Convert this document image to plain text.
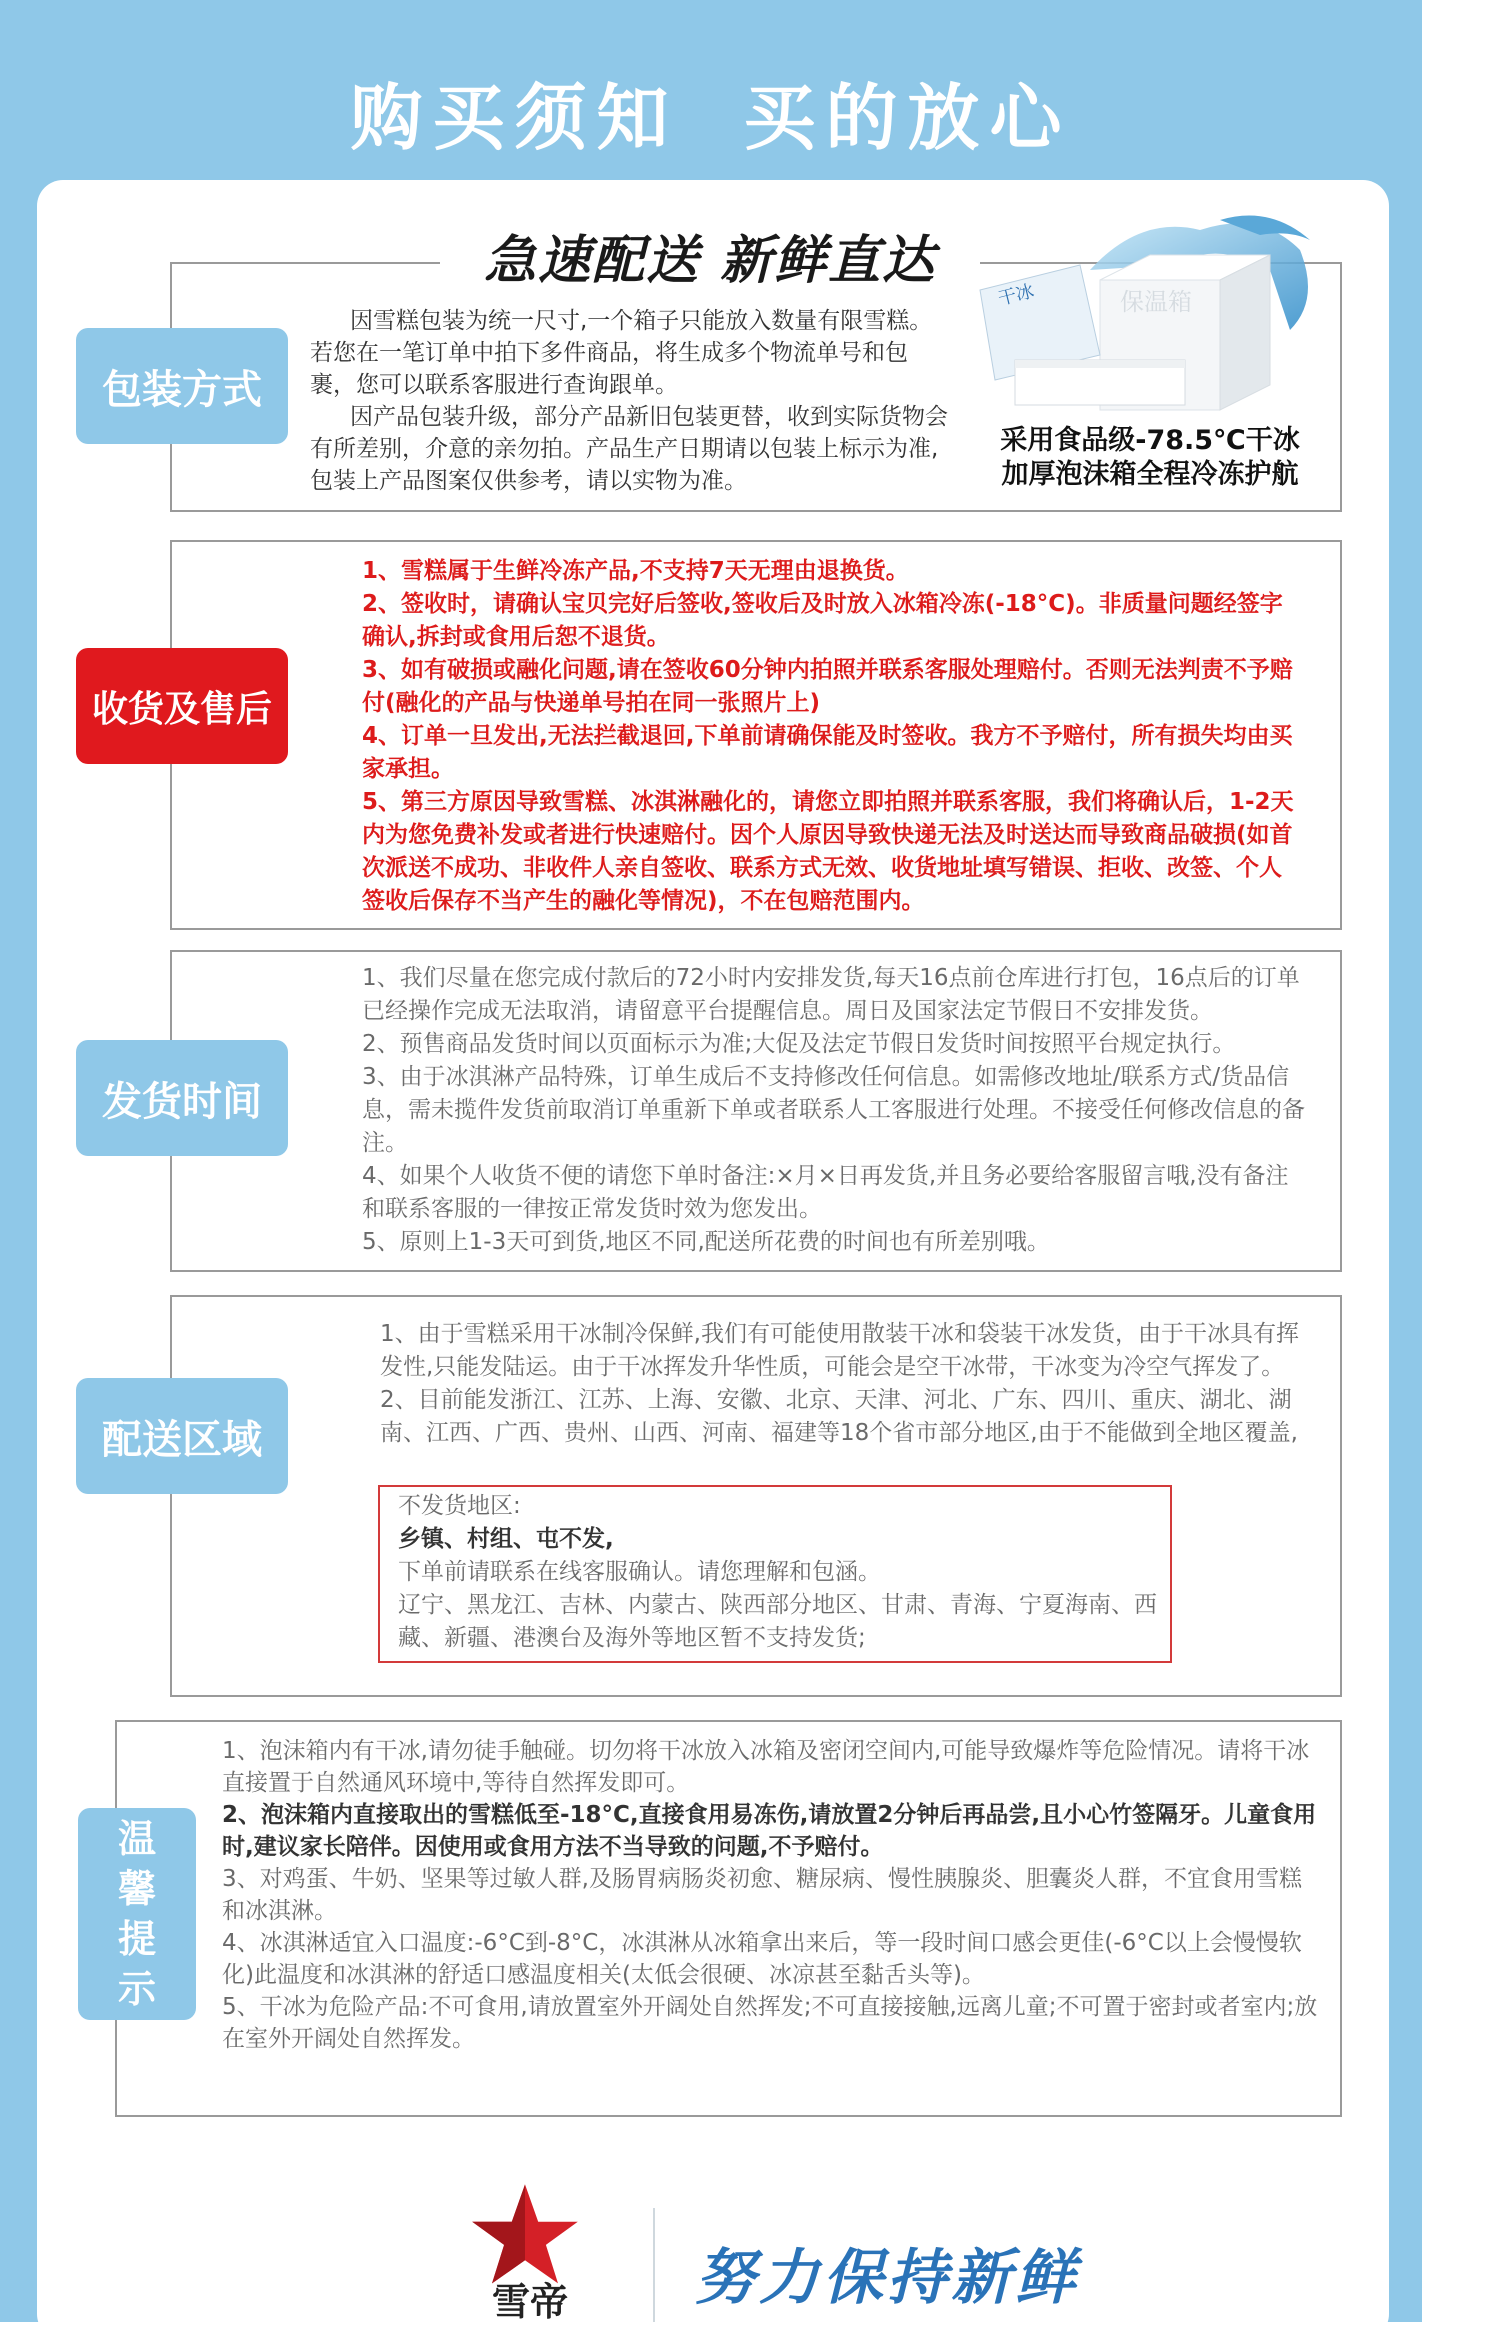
购买须知 买的放心
急速配送 新鲜直达
包装方式
因雪糕包装为统一尺寸,一个箱子只能放入数量有限雪糕。若您在一笔订单中拍下多件商品，将生成多个物流单号和包裹，您可以联系客服进行查询跟单。
因产品包装升级，部分产品新旧包装更替，收到实际货物会有所差别，介意的亲勿拍。产品生产日期请以包装上标示为准,包装上产品图案仅供参考，请以实物为准。
保温箱
干冰
采用食品级-78.5℃干冰
加厚泡沫箱全程冷冻护航
收货及售后
1、雪糕属于生鲜冷冻产品,不支持7天无理由退换货。
2、签收时，请确认宝贝完好后签收,签收后及时放入冰箱冷冻(-18°C)。非质量问题经签字确认,拆封或食用后恕不退货。
3、如有破损或融化问题,请在签收60分钟内拍照并联系客服处理赔付。否则无法判责不予赔付(融化的产品与快递单号拍在同一张照片上)
4、订单一旦发出,无法拦截退回,下单前请确保能及时签收。我方不予赔付，所有损失均由买家承担。
5、第三方原因导致雪糕、冰淇淋融化的，请您立即拍照并联系客服，我们将确认后，1-2天内为您免费补发或者进行快速赔付。因个人原因导致快递无法及时送达而导致商品破损(如首次派送不成功、非收件人亲自签收、联系方式无效、收货地址填写错误、拒收、改签、个人签收后保存不当产生的融化等情况)，不在包赔范围内。
发货时间
1、我们尽量在您完成付款后的72小时内安排发货,每天16点前仓库进行打包，16点后的订单已经操作完成无法取消，请留意平台提醒信息。周日及国家法定节假日不安排发货。
2、预售商品发货时间以页面标示为准;大促及法定节假日发货时间按照平台规定执行。
3、由于冰淇淋产品特殊，订单生成后不支持修改任何信息。如需修改地址/联系方式/货品信息，需未揽件发货前取消订单重新下单或者联系人工客服进行处理。不接受任何修改信息的备注。
4、如果个人收货不便的请您下单时备注:×月×日再发货,并且务必要给客服留言哦,没有备注和联系客服的一律按正常发货时效为您发出。
5、原则上1-3天可到货,地区不同,配送所花费的时间也有所差别哦。
配送区域
1、由于雪糕采用干冰制冷保鲜,我们有可能使用散装干冰和袋装干冰发货，由于干冰具有挥发性,只能发陆运。由于干冰挥发升华性质，可能会是空干冰带，干冰变为冷空气挥发了。
2、目前能发浙江、江苏、上海、安徽、北京、天津、河北、广东、四川、重庆、湖北、湖南、江西、广西、贵州、山西、河南、福建等18个省市部分地区,由于不能做到全地区覆盖,
不发货地区:
乡镇、村组、屯不发,
下单前请联系在线客服确认。请您理解和包涵。
辽宁、黑龙江、吉林、内蒙古、陕西部分地区、甘肃、青海、宁夏海南、西藏、新疆、港澳台及海外等地区暂不支持发货;
温
馨
提
示
1、泡沫箱内有干冰,请勿徒手触碰。切勿将干冰放入冰箱及密闭空间内,可能导致爆炸等危险情况。请将干冰直接置于自然通风环境中,等待自然挥发即可。
2、泡沫箱内直接取出的雪糕低至-18°C,直接食用易冻伤,请放置2分钟后再品尝,且小心竹签隔牙。儿童食用时,建议家长陪伴。因使用或食用方法不当导致的问题,不予赔付。
3、对鸡蛋、牛奶、坚果等过敏人群,及肠胃病肠炎初愈、糖尿病、慢性胰腺炎、胆囊炎人群，不宜食用雪糕和冰淇淋。
4、冰淇淋适宜入口温度:-6°C到-8°C，冰淇淋从冰箱拿出来后，等一段时间口感会更佳(-6°C以上会慢慢软化)此温度和冰淇淋的舒适口感温度相关(太低会很硬、冰凉甚至黏舌头等)。
5、干冰为危险产品:不可食用,请放置室外开阔处自然挥发;不可直接接触,远离儿童;不可置于密封或者室内;放在室外开阔处自然挥发。
雪帝	努力保持新鲜
